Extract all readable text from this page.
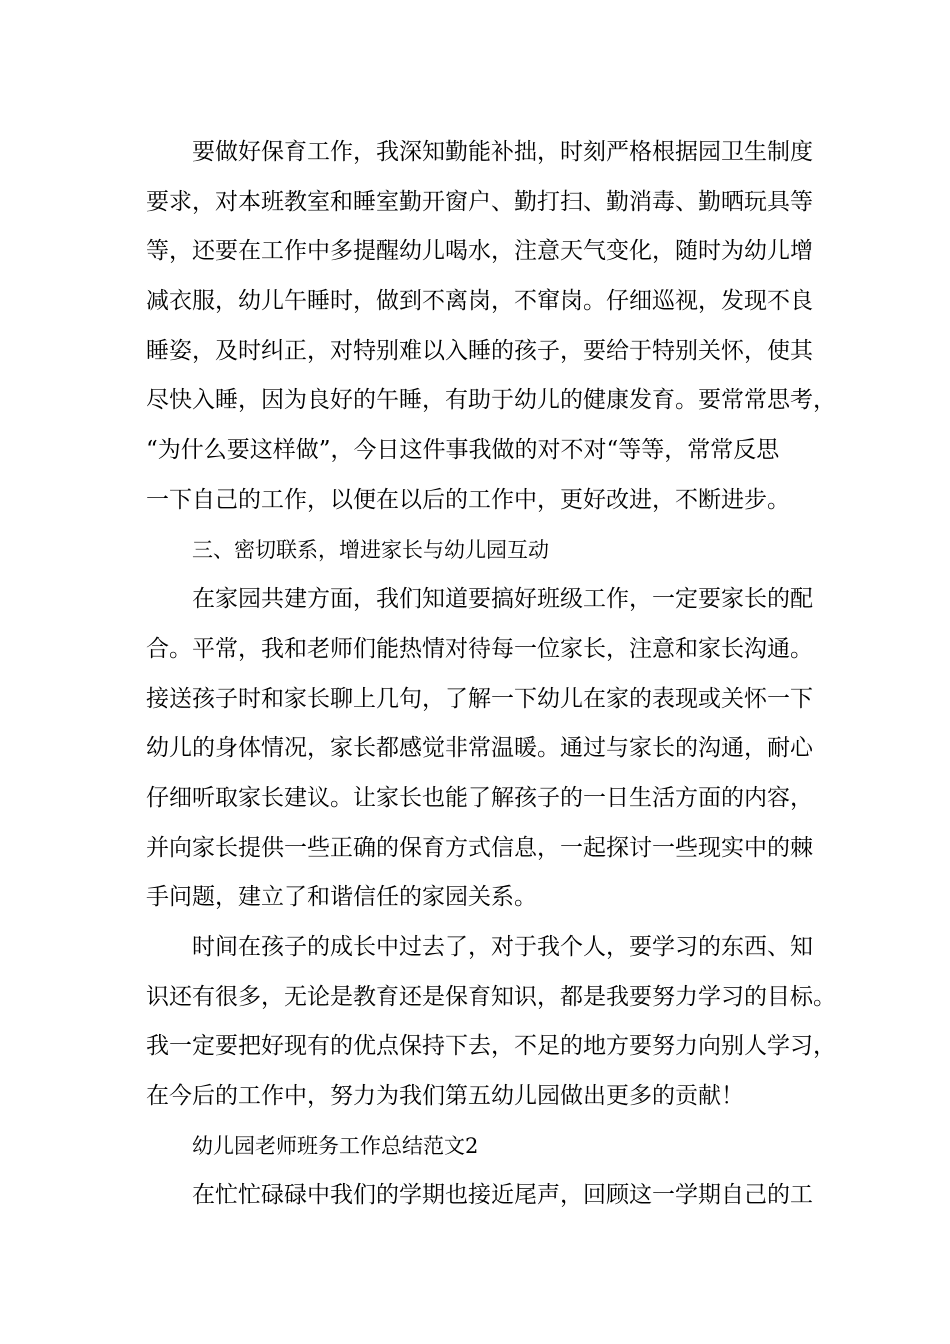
要做好保育工作，我深知勤能补拙，时刻严格根据园卫生制度
要求，对本班教室和睡室勤开窗户、勤打扫、勤消毒、勤晒玩具等
等，还要在工作中多提醒幼儿喝水，注意天气变化，随时为幼儿增
减衣服，幼儿午睡时，做到不离岗，不窜岗。仔细巡视，发现不良
睡姿，及时纠正，对特别难以入睡的孩子，要给于特别关怀，使其
尽快入睡，因为良好的午睡，有助于幼儿的健康发育。要常常思考，
“为什么要这样做”，今日这件事我做的对不对“等等，常常反思
一下自己的工作，以便在以后的工作中，更好改进，不断进步。
三、密切联系，增进家长与幼儿园互动
在家园共建方面，我们知道要搞好班级工作，一定要家长的配
合。平常，我和老师们能热情对待每一位家长，注意和家长沟通。
接送孩子时和家长聊上几句，了解一下幼儿在家的表现或关怀一下
幼儿的身体情况，家长都感觉非常温暖。通过与家长的沟通，耐心
仔细听取家长建议。让家长也能了解孩子的一日生活方面的内容，
并向家长提供一些正确的保育方式信息，一起探讨一些现实中的棘
手问题，建立了和谐信任的家园关系。
时间在孩子的成长中过去了，对于我个人，要学习的东西、知
识还有很多，无论是教育还是保育知识，都是我要努力学习的目标。
我一定要把好现有的优点保持下去，不足的地方要努力向别人学习，
在今后的工作中，努力为我们第五幼儿园做出更多的贡献！
幼儿园老师班务工作总结范文2
在忙忙碌碌中我们的学期也接近尾声，回顾这一学期自己的工
